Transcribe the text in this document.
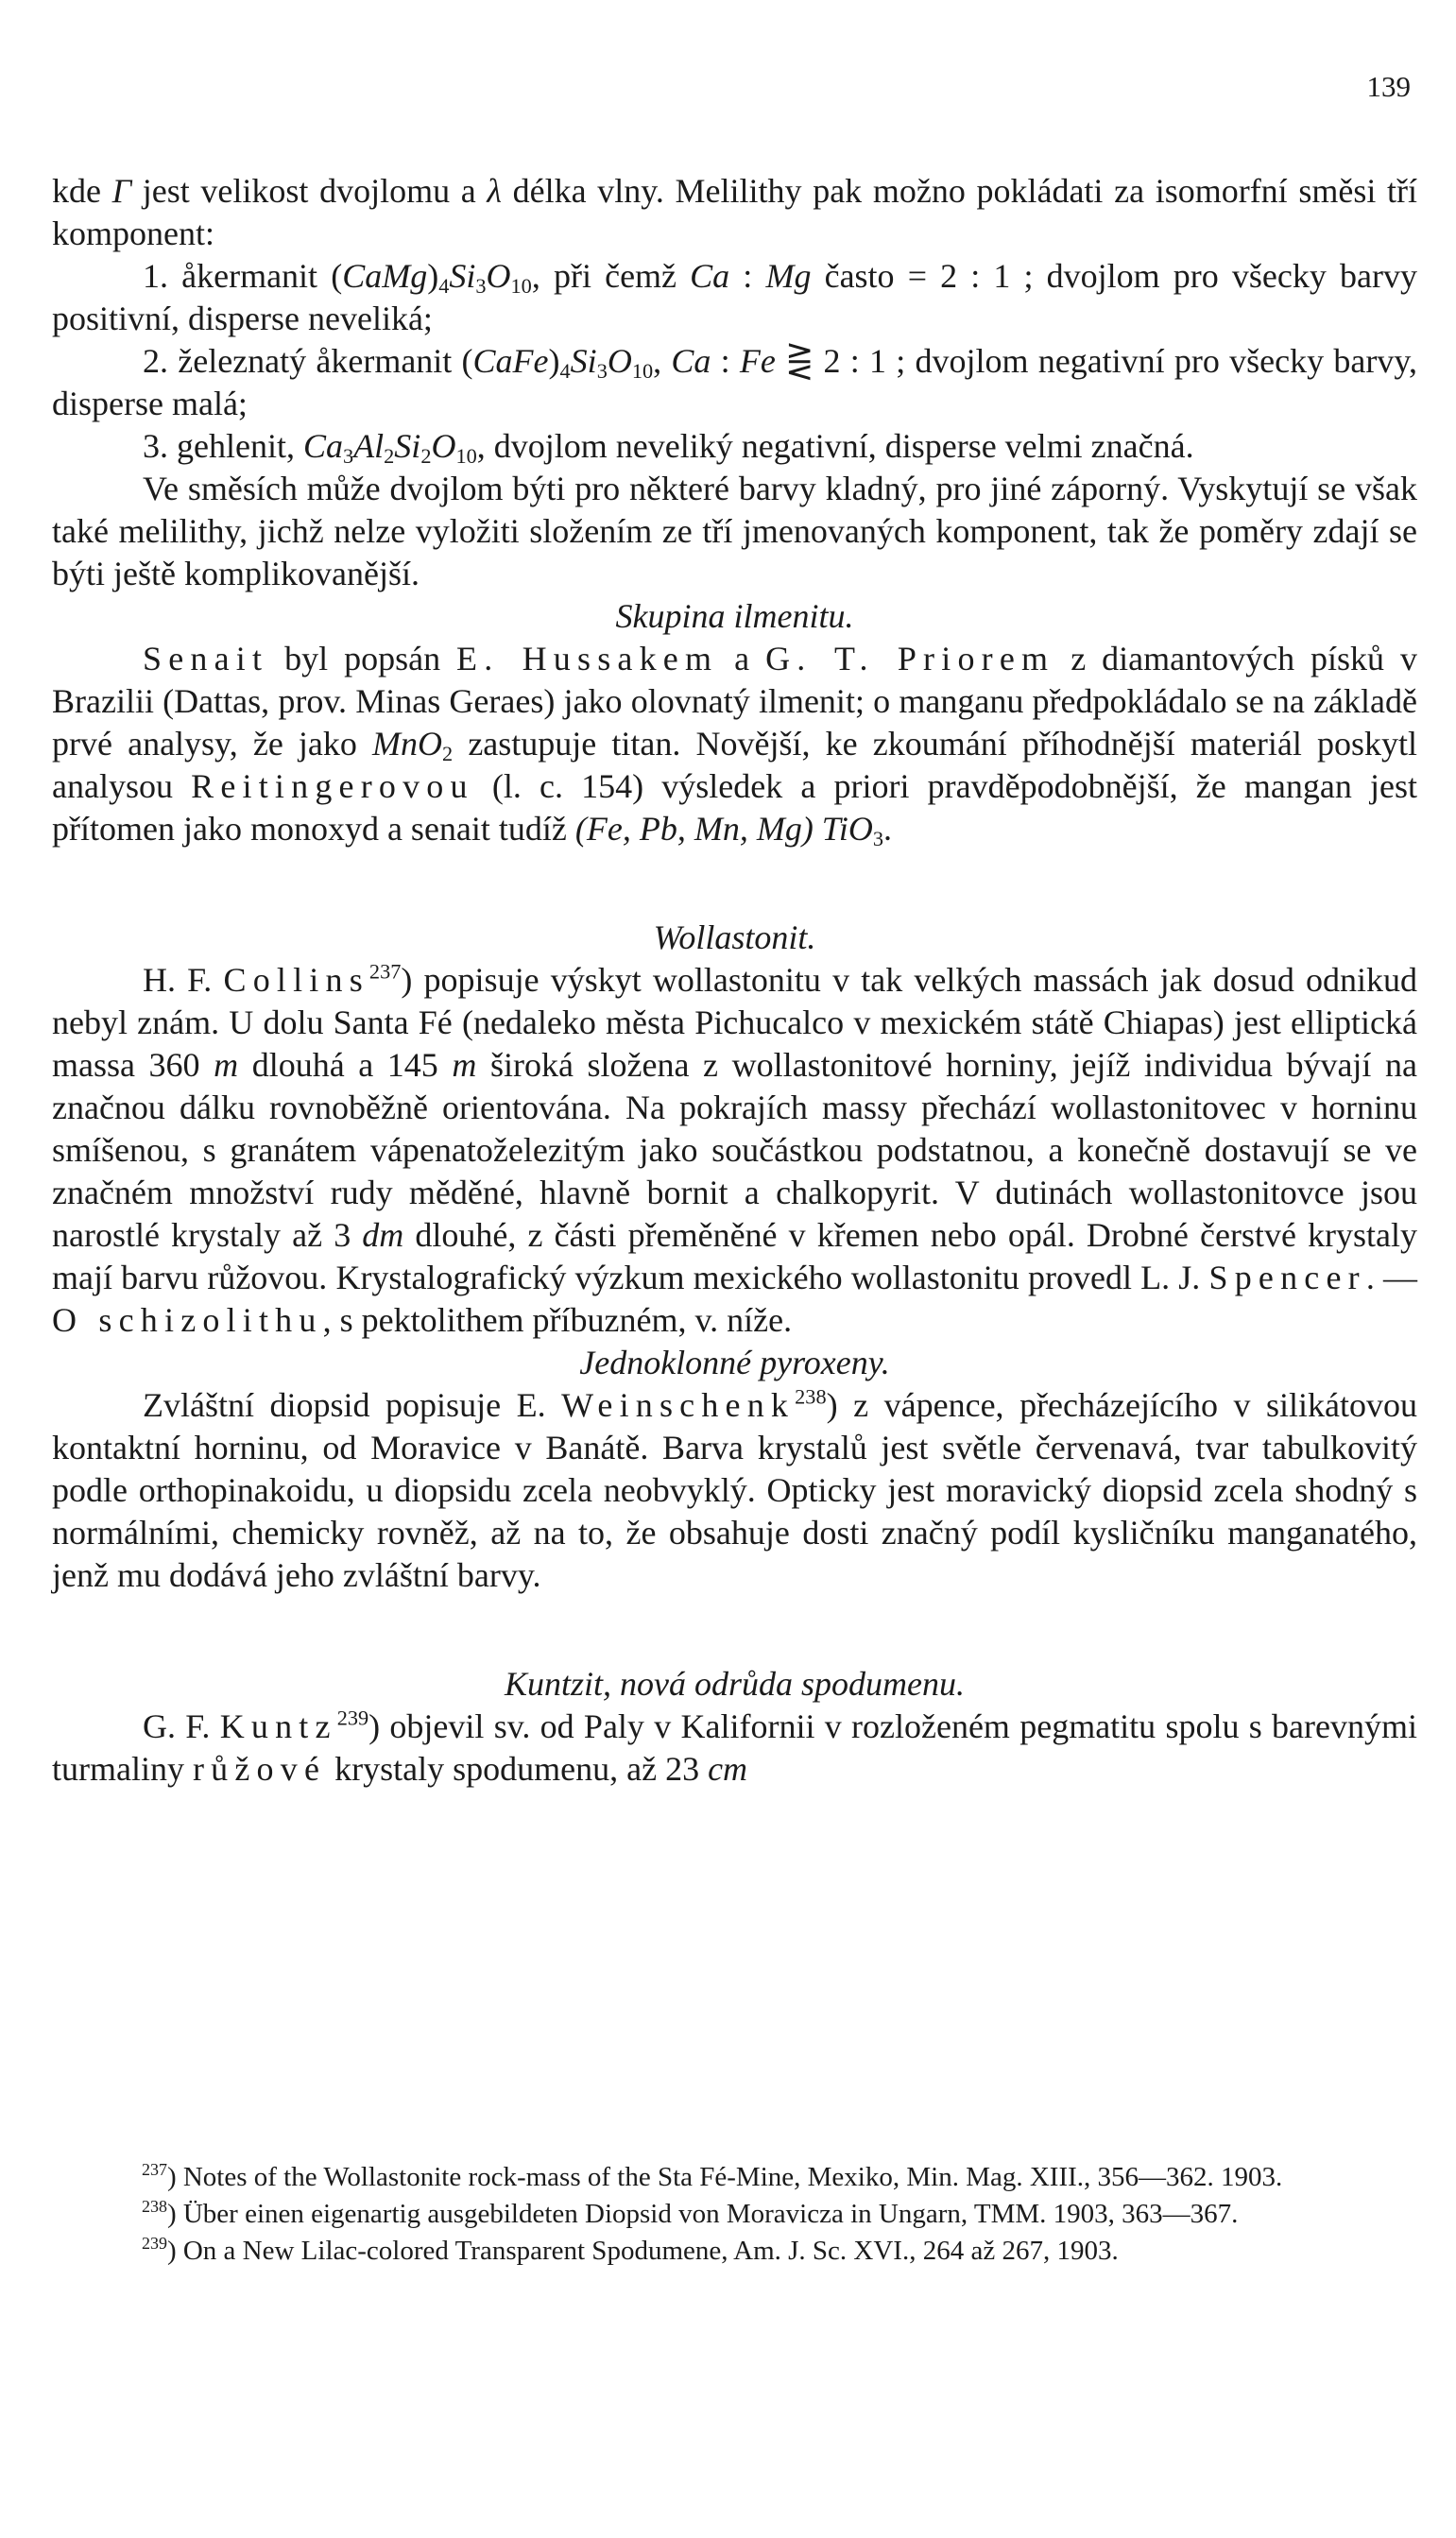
139

kde Γ jest velikost dvojlomu a λ délka vlny. Melilithy pak možno pokládati za isomorfní směsi tří komponent:

1. åkermanit $(CaMg)_4Si_3O_{10}$, při čemž Ca : Mg často = 2 : 1 ; dvojlom pro všecky barvy positivní, disperse neveliká;

2. železnatý åkermanit $(CaFe)_4Si_3O_{10}$, Ca : Fe ⋛ 2 : 1 ; dvojlom negativní pro všecky barvy, disperse malá;

3. gehlenit, $Ca_3Al_2Si_2O_{10}$, dvojlom neveliký negativní, disperse velmi značná.

Ve směsích může dvojlom býti pro některé barvy kladný, pro jiné záporný. Vyskytují se však také melilithy, jichž nelze vyložiti složením ze tří jmenovaných komponent, tak že poměry zdají se býti ještě komplikovanější.

Skupina ilmenitu.

Senait byl popsán E. Hussakem a G. T. Priorem z diamantových písků v Brazilii (Dattas, prov. Minas Geraes) jako olovnatý ilmenit; o manganu předpokládalo se na základě prvé analysy, že jako MnO$_2$ zastupuje titan. Novější, ke zkoumání příhodnější materiál poskytl analysou Reitingerovou (l. c. 154) výsledek a priori pravděpodobnější, že mangan jest přítomen jako monoxyd a senait tudíž (Fe, Pb, Mn, Mg) TiO$_3$.

Wollastonit.

H. F. Collins$^{237}$) popisuje výskyt wollastonitu v tak velkých massách jak dosud odnikud nebyl znám. U dolu Santa Fé (nedaleko města Pichucalco v mexickém státě Chiapas) jest elliptická massa 360 m dlouhá a 145 m široká složena z wollastonitové horniny, jejíž individua bývají na značnou dálku rovnoběžně orientována. Na pokrajích massy přechází wollastonitovec v horninu smíšenou, s granátem vápenatoželezitým jako součástkou podstatnou, a konečně dostavují se ve značném množství rudy měděné, hlavně bornit a chalkopyrit. V dutinách wollastonitovce jsou narostlé krystaly až 3 dm dlouhé, z části přeměněné v křemen nebo opál. Drobné čerstvé krystaly mají barvu růžovou. Krystalografický výzkum mexického wollastonitu provedl L. J. Spencer. — O schizolithu, s pektolithem příbuzném, v. níže.

Jednoklonné pyroxeny.

Zvláštní diopsid popisuje E. Weinschenk$^{238}$) z vápence, přecházejícího v silikátovou kontaktní horninu, od Moravice v Banátě. Barva krystalů jest světle červenavá, tvar tabulkovitý podle orthopinakoidu, u diopsidu zcela neobvyklý. Opticky jest moravický diopsid zcela shodný s normálními, chemicky rovněž, až na to, že obsahuje dosti značný podíl kysličníku manganatého, jenž mu dodává jeho zvláštní barvy.

Kuntzit, nová odrůda spodumenu.

G. F. Kuntz$^{239}$) objevil sv. od Paly v Kalifornii v rozloženém pegmatitu spolu s barevnými turmaliny růžové krystaly spodumenu, až 23 cm

$^{237}$) Notes of the Wollastonite rock-mass of the Sta Fé-Mine, Mexiko, Min. Mag. XIII., 356—362. 1903.

$^{238}$) Über einen eigenartig ausgebildeten Diopsid von Moravicza in Ungarn, TMM. 1903, 363—367.

$^{239}$) On a New Lilac-colored Transparent Spodumene, Am. J. Sc. XVI., 264 až 267, 1903.
